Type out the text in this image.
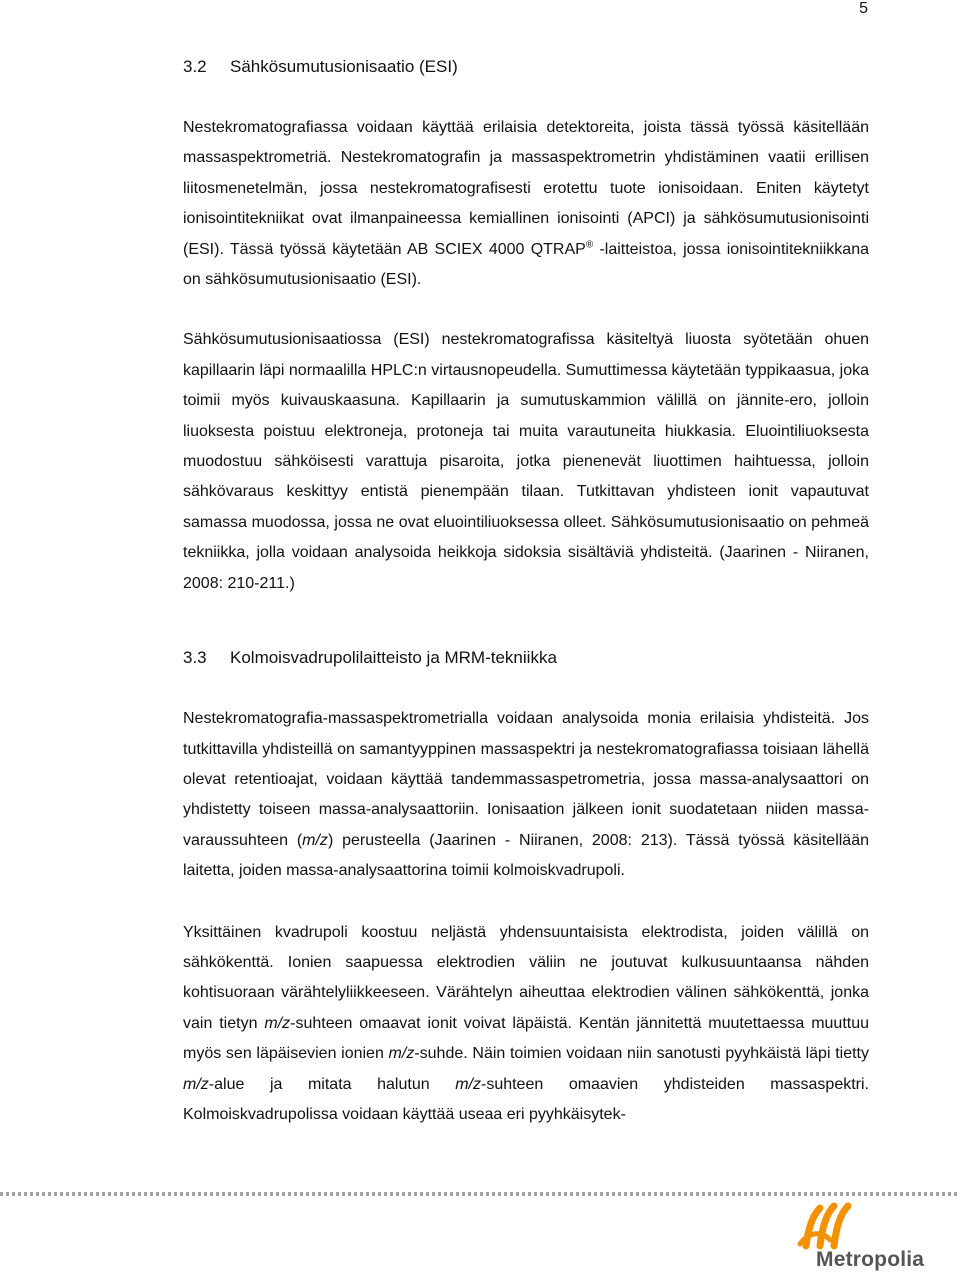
5
3.2 Sähkösumutusionisaatio (ESI)

Nestekromatografiassa voidaan käyttää erilaisia detektoreita, joista tässä työssä käsitellään massaspektrometriä. Nestekromatografin ja massaspektrometrin yhdistäminen vaatii erillisen liitosmenetelmän, jossa nestekromatografisesti erotettu tuote ionisoidaan. Eniten käytetyt ionisointitekniikat ovat ilmanpaineessa kemiallinen ionisointi (APCI) ja sähkösumutusionisointi (ESI). Tässä työssä käytetään AB SCIEX 4000 QTRAP® -laitteistoa, jossa ionisointitekniikkana on sähkösumutusionisaatio (ESI).

Sähkösumutusionisaatiossa (ESI) nestekromatografissa käsiteltyä liuosta syötetään ohuen kapillaarin läpi normaalilla HPLC:n virtausnopeudella. Sumuttimessa käytetään typpikaasua, joka toimii myös kuivauskaasuna. Kapillaarin ja sumutuskammion välillä on jännite-ero, jolloin liuoksesta poistuu elektroneja, protoneja tai muita varautuneita hiukkasia. Eluointiliuoksesta muodostuu sähköisesti varattuja pisaroita, jotka pienenevät liuottimen haihtuessa, jolloin sähkövaraus keskittyy entistä pienempään tilaan. Tutkittavan yhdisteen ionit vapautuvat samassa muodossa, jossa ne ovat eluointiliuoksessa olleet. Sähkösumutusionisaatio on pehmeä tekniikka, jolla voidaan analysoida heikkoja sidoksia sisältäviä yhdisteitä. (Jaarinen - Niiranen, 2008: 210-211.)

3.3 Kolmoisvadrupolilaitteisto ja MRM-tekniikka

Nestekromatografia-massaspektrometrialla voidaan analysoida monia erilaisia yhdisteitä. Jos tutkittavilla yhdisteillä on samantyyppinen massaspektri ja nestekromatografiassa toisiaan lähellä olevat retentioajat, voidaan käyttää tandemmassaspetrometria, jossa massa-analysaattori on yhdistetty toiseen massa-analysaattoriin. Ionisaation jälkeen ionit suodatetaan niiden massa-varaussuhteen (m/z) perusteella (Jaarinen - Niiranen, 2008: 213). Tässä työssä käsitellään laitetta, joiden massa-analysaattorina toimii kolmoiskvadrupoli.

Yksittäinen kvadrupoli koostuu neljästä yhdensuuntaisista elektrodista, joiden välillä on sähkökenttä. Ionien saapuessa elektrodien väliin ne joutuvat kulkusuuntaansa nähden kohtisuoraan värähtelyliikkeeseen. Värähtelyn aiheuttaa elektrodien välinen sähkökenttä, jonka vain tietyn m/z-suhteen omaavat ionit voivat läpäistä. Kentän jännitettä muutettaessa muuttuu myös sen läpäisevien ionien m/z-suhde. Näin toimien voidaan niin sanotusti pyyhkäistä läpi tietty m/z-alue ja mitata halutun m/z-suhteen omaavien yhdisteiden massaspektri. Kolmoiskvadrupolissa voidaan käyttää useaa eri pyyhkäisytek-

Metropolia
